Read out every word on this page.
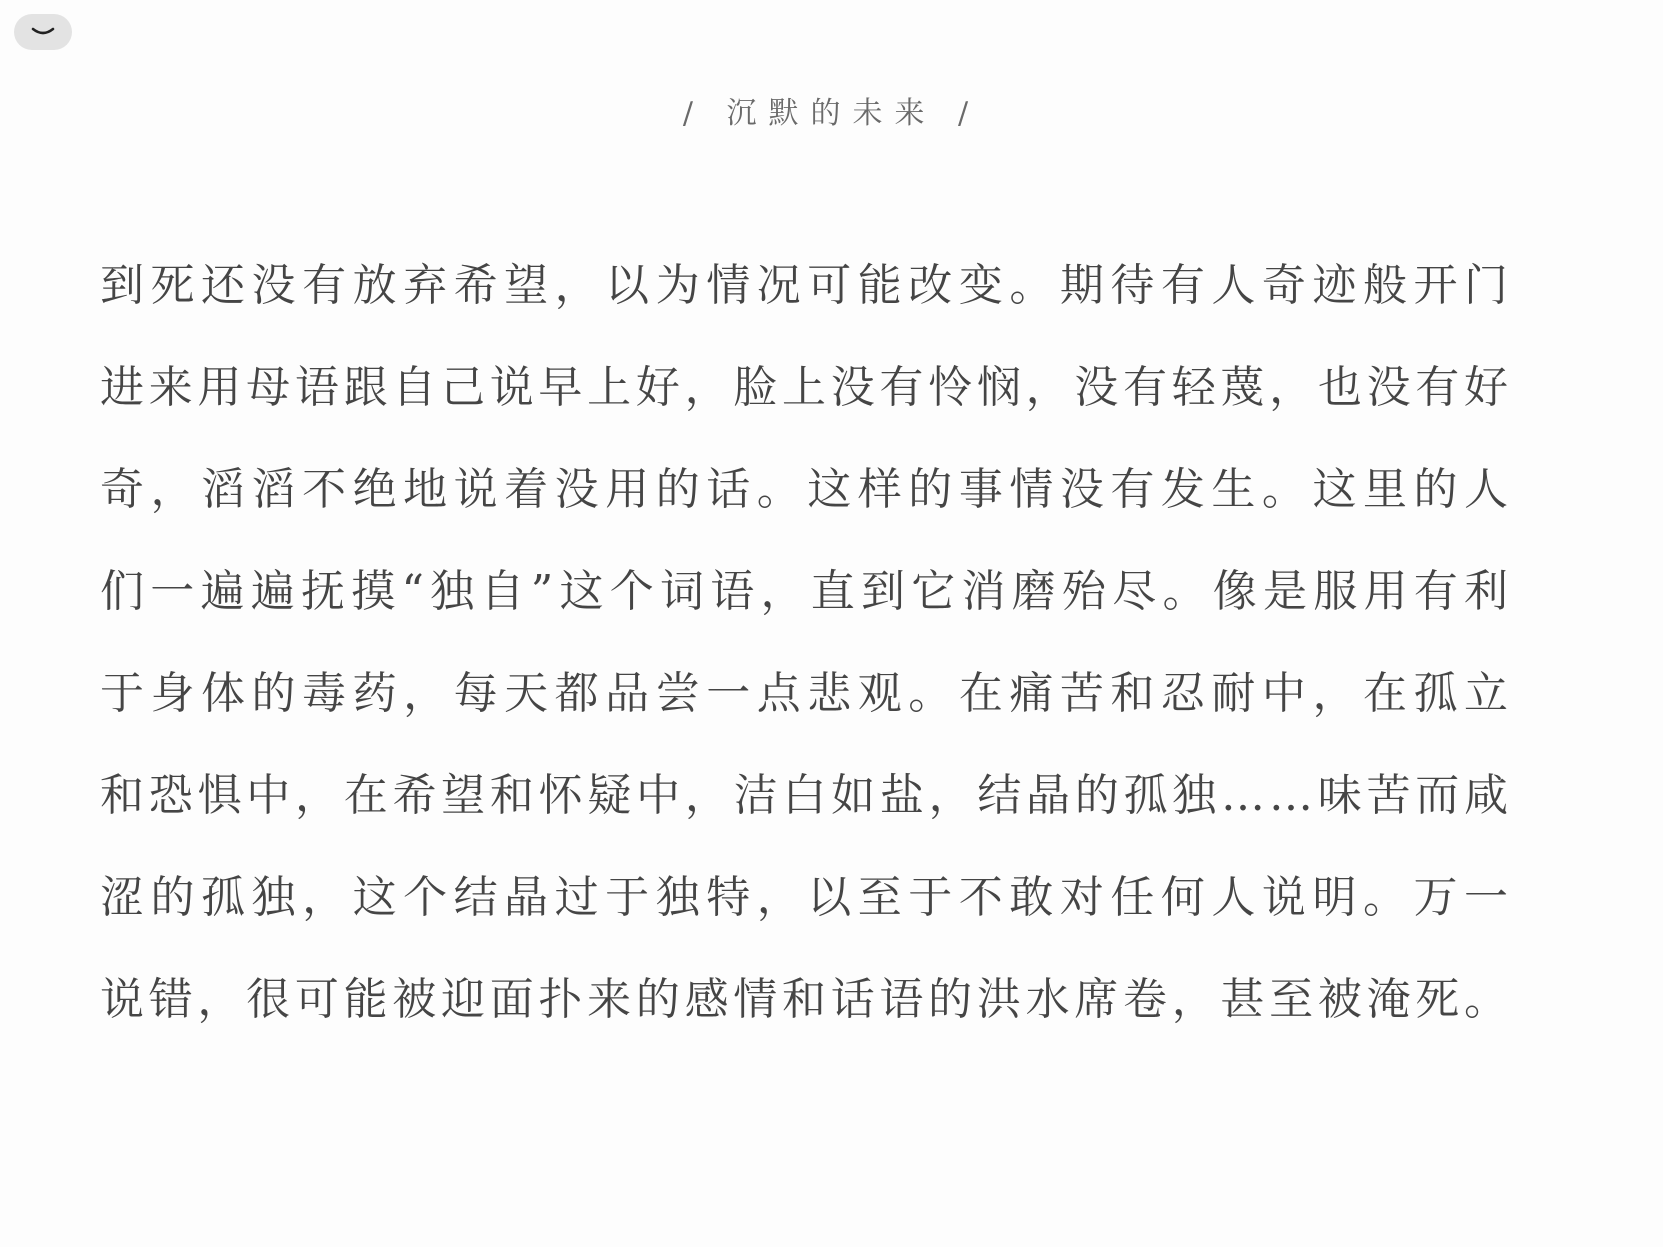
/ 沉默的未来 /
到死还没有放弃希望，以为情况可能改变。期待有人奇迹般开门
进来用母语跟自己说早上好，脸上没有怜悯，没有轻蔑，也没有好
奇，滔滔不绝地说着没用的话。这样的事情没有发生。这里的人
们一遍遍抚摸“独自”这个词语，直到它消磨殆尽。像是服用有利
于身体的毒药，每天都品尝一点悲观。在痛苦和忍耐中，在孤立
和恐惧中，在希望和怀疑中，洁白如盐，结晶的孤独……味苦而咸
涩的孤独，这个结晶过于独特，以至于不敢对任何人说明。万一
说错，很可能被迎面扑来的感情和话语的洪水席卷，甚至被淹死。
